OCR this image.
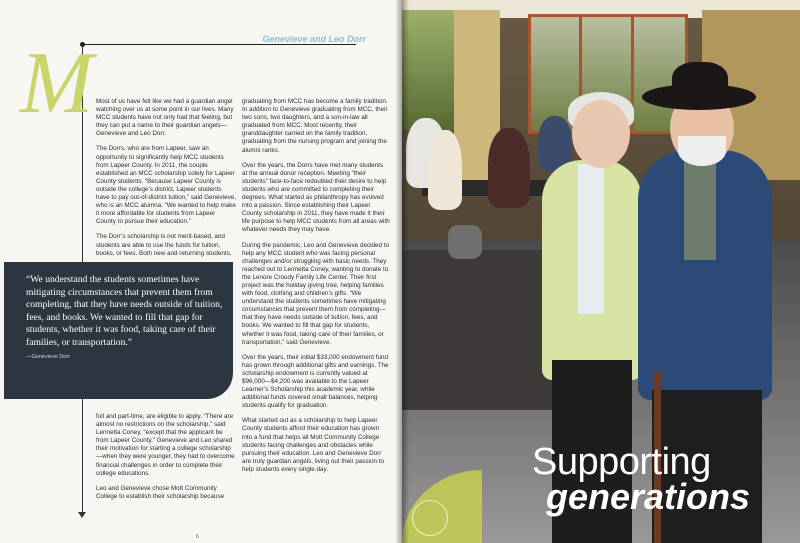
Genevieve and Leo Dorr
M Most of us have felt like we had a guardian angel watching over us at some point in our lives. Many MCC students have not only had that feeling, but they can put a name to their guardian angels—Genevieve and Leo Dorr.

The Dorrs, who are from Lapeer, saw an opportunity to significantly help MCC students from Lapeer County. In 2011, the couple established an MCC scholarship solely for Lapeer County students. “Because Lapeer County is outside the college’s district, Lapeer students have to pay out-of-district tuition,” said Genevieve, who is an MCC alumna. “We wanted to help make it more affordable for students from Lapeer County to pursue their education.”

The Dorr’s scholarship is not merit-based, and students are able to use the funds for tuition, books, or fees. Both new and returning students,

“We understand the students sometimes have mitigating circumstances that prevent them from completing, that they have needs outside of tuition, fees, and books. We wanted to fill that gap for students, whether it was food, taking care of their families, or transportation.”
—Genevieve Dorr

full and part-time, are eligible to apply. “There are almost no restrictions on the scholarship,” said Lennetta Coney, “except that the applicant be from Lapeer County.” Genevieve and Leo shared their motivation for starting a college scholarship—when they were younger, they had to overcome financial challenges in order to complete their college educations.

Leo and Genevieve chose Mott Community College to establish their scholarship because

graduating from MCC has become a family tradition. In addition to Genevieve graduating from MCC, their two sons, two daughters, and a son-in-law all graduated from MCC. Most recently, their granddaughter carried on the family tradition, graduating from the nursing program and joining the alumni ranks.

Over the years, the Dorrs have met many students at the annual donor reception. Meeting “their students” face-to-face redoubled their desire to help students who are committed to completing their degrees. What started as philanthropy has evolved into a passion. Since establishing their Lapeer County scholarship in 2011, they have made it their life purpose to help MCC students from all areas with whatever needs they may have.

During the pandemic, Leo and Genevieve decided to help any MCC student who was facing personal challenges and/or struggling with basic needs. They reached out to Lennetta Coney, wanting to donate to the Lenore Croudy Family Life Center. Their first project was the holiday giving tree, helping families with food, clothing and children’s gifts. “We understand the students sometimes have mitigating circumstances that prevent them from completing—that they have needs outside of tuition, fees, and books. We wanted to fill that gap for students, whether it was food, taking care of their families, or transportation,” said Genevieve.

Over the years, their initial $33,000 endowment fund has grown through additional gifts and earnings. The scholarship endowment is currently valued at $96,000—$4,200 was available to the Lapeer Learner’s Scholarship this academic year, while additional funds covered small balances, helping students qualify for graduation.

What started out as a scholarship to help Lapeer County students afford their education has grown into a fund that helps all Mott Community College students facing challenges and obstacles while pursuing their education. Leo and Genevieve Dorr are truly guardian angels, living out their passion to help students every single day.

6
Supporting
generations
